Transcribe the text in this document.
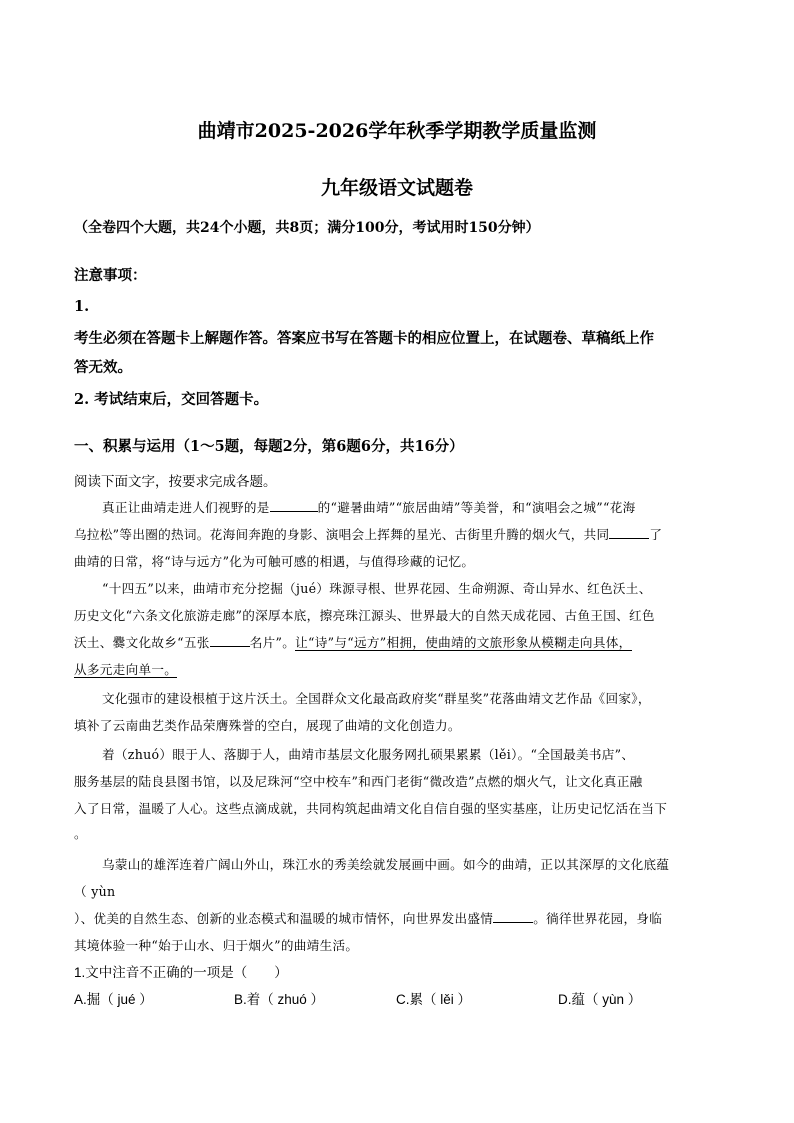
曲靖市2025-2026学年秋季学期教学质量监测
九年级语文试题卷
（全卷四个大题，共24个小题，共8页；满分100分，考试用时150分钟）
注意事项：
1.
考生必须在答题卡上解题作答。答案应书写在答题卡的相应位置上，在试题卷、草稿纸上作
答无效。
2. 考试结束后，交回答题卡。
一、积累与运用（1～5题，每题2分，第6题6分，共16分）
阅读下面文字，按要求完成各题。
真正让曲靖走进人们视野的是	的“避暑曲靖”“旅居曲靖”等美誉，和“演唱会之城”“花海
乌拉松”等出圈的热词。花海间奔跑的身影、演唱会上挥舞的星光、古街里升腾的烟火气，共同	了
曲靖的日常，将“诗与远方”化为可触可感的相遇，与值得珍藏的记忆。
“十四五”以来，曲靖市充分挖掘（jué）珠源寻根、世界花园、生命朔源、奇山异水、红色沃土、
历史文化“六条文化旅游走廊”的深厚本底，擦亮珠江源头、世界最大的自然天成花园、古鱼王国、红色
沃土、爨文化故乡“五张	名片”。让“诗”与“远方”相拥，使曲靖的文旅形象从模糊走向具体，
从多元走向单一。
文化强市的建设根植于这片沃土。全国群众文化最高政府奖“群星奖”花落曲靖文艺作品《回家》，
填补了云南曲艺类作品荣膺殊誉的空白，展现了曲靖的文化创造力。
着（zhuó）眼于人、落脚于人，曲靖市基层文化服务网扎硕果累累（lěi）。“全国最美书店”、
服务基层的陆良县图书馆，以及尼珠河“空中校车”和西门老街“微改造”点燃的烟火气，让文化真正融
入了日常，温暖了人心。这些点滴成就，共同构筑起曲靖文化自信自强的坚实基座，让历史记忆活在当下
。
乌蒙山的雄浑连着广阔山外山，珠江水的秀美绘就发展画中画。如今的曲靖，正以其深厚的文化底蕴
（ yùn
）、优美的自然生态、创新的业态模式和温暖的城市情怀，向世界发出盛情	。徜徉世界花园，身临
其境体验一种“始于山水、归于烟火”的曲靖生活。
1.文中注音不正确的一项是（　　）
A.掘（ jué ）	B.着（ zhuó ）	C.累（ lěi ）	D.蕴（ yùn ）
